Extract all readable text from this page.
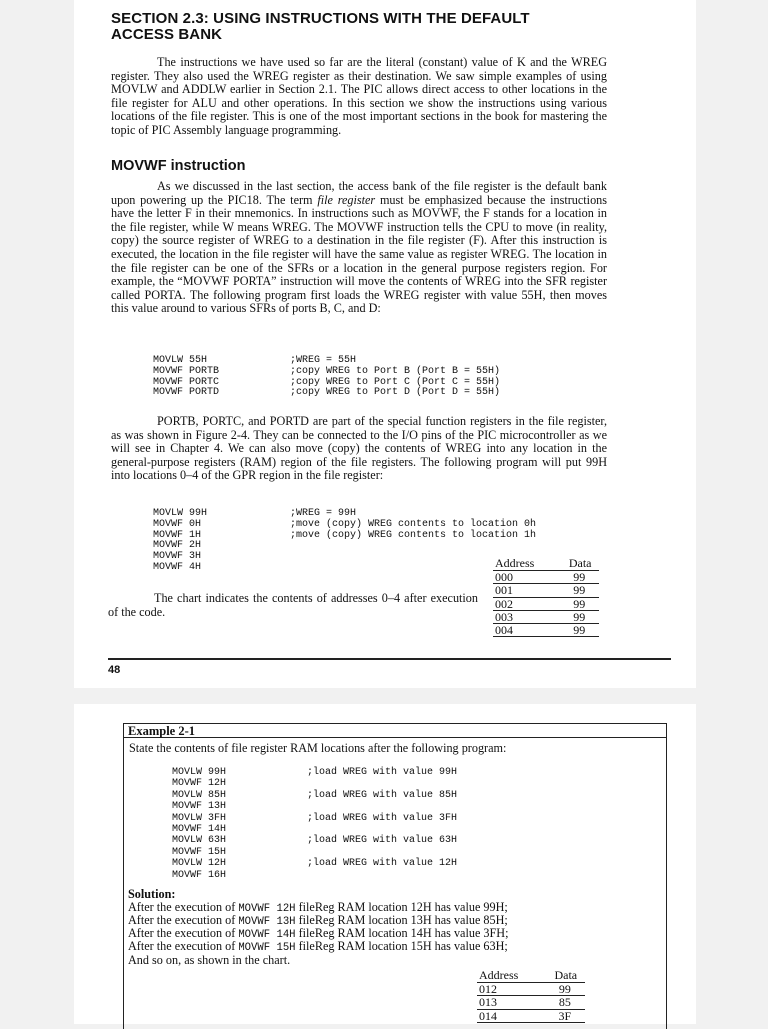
SECTION 2.3: USING INSTRUCTIONS WITH THE DEFAULT
ACCESS BANK

The instructions we have used so far are the literal (constant) value of K and the WREG register. They also used the WREG register as their destination. We saw simple examples of using MOVLW and ADDLW earlier in Section 2.1. The PIC allows direct access to other locations in the file register for ALU and other operations. In this section we show the instructions using various locations of the file register. This is one of the most important sections in the book for mastering the topic of PIC Assembly language programming.

MOVWF instruction

As we discussed in the last section, the access bank of the file register is the default bank upon powering up the PIC18. The term file register must be emphasized because the instructions have the letter F in their mnemonics. In instructions such as MOVWF, the F stands for a location in the file register, while W means WREG. The MOVWF instruction tells the CPU to move (in reality, copy) the source register of WREG to a destination in the file register (F). After this instruction is executed, the location in the file register will have the same value as register WREG. The location in the file register can be one of the SFRs or a location in the general purpose registers region. For example, the “MOVWF PORTA” instruction will move the contents of WREG into the SFR register called PORTA. The following program first loads the WREG register with value 55H, then moves this value around to various SFRs of ports B, C, and D:

MOVLW 55H	;WREG = 55H
MOVWF PORTB	;copy WREG to Port B (Port B = 55H)
MOVWF PORTC	;copy WREG to Port C (Port C = 55H)
MOVWF PORTD	;copy WREG to Port D (Port D = 55H)

PORTB, PORTC, and PORTD are part of the special function registers in the file register, as was shown in Figure 2-4. They can be connected to the I/O pins of the PIC microcontroller as we will see in Chapter 4. We can also move (copy) the contents of WREG into any location in the general-purpose registers (RAM) region of the file registers. The following program will put 99H into locations 0–4 of the GPR region in the file register:

MOVLW 99H	;WREG = 99H
MOVWF 0H	;move (copy) WREG contents to location 0h
MOVWF 1H	;move (copy) WREG contents to location 1h
MOVWF 2H
MOVWF 3H
MOVWF 4H

The chart indicates the contents of addresses 0–4 after execution of the code.

Address	Data
000	99
001	99
002	99
003	99
004	99
48
Example 2-1
State the contents of file register RAM locations after the following program:
MOVLW 99H	;load WREG with value 99H
MOVWF 12H
MOVLW 85H	;load WREG with value 85H
MOVWF 13H
MOVLW 3FH	;load WREG with value 3FH
MOVWF 14H
MOVLW 63H	;load WREG with value 63H
MOVWF 15H
MOVLW 12H	;load WREG with value 12H
MOVWF 16H
Solution:
After the execution of MOVWF 12H fileReg RAM location 12H has value 99H;
After the execution of MOVWF 13H fileReg RAM location 13H has value 85H;
After the execution of MOVWF 14H fileReg RAM location 14H has value 3FH;
After the execution of MOVWF 15H fileReg RAM location 15H has value 63H;
And so on, as shown in the chart.
Address	Data
012	99
013	85
014	3F
